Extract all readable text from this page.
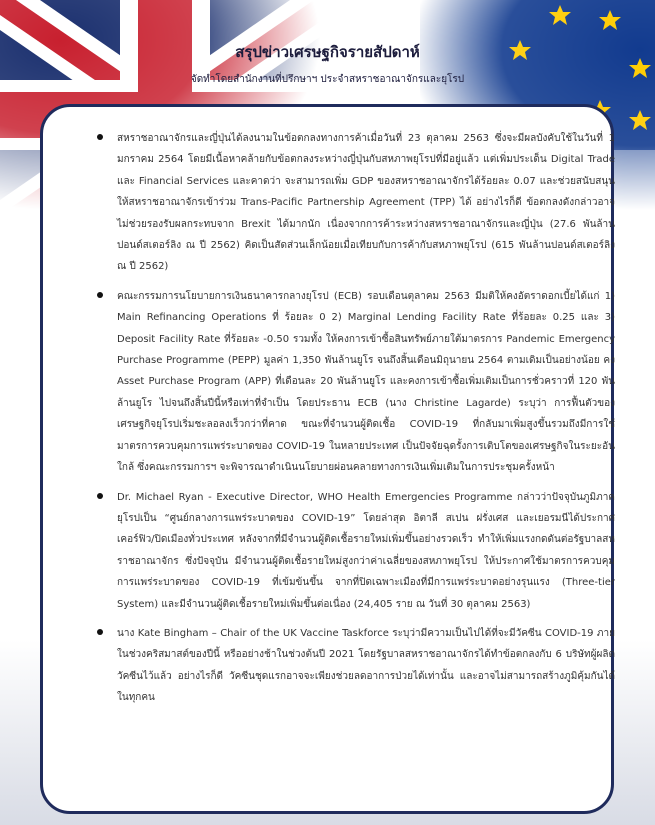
สรุปข่าวเศรษฐกิจรายสัปดาห์
จัดทำโดยสำนักงานที่ปรึกษาฯ ประจำสหราชอาณาจักรและยุโรป

สหราชอาณาจักรและญี่ปุ่นได้ลงนามในข้อตกลงทางการค้าเมื่อวันที่ 23 ตุลาคม 2563 ซึ่งจะมีผลบังคับใช้ในวันที่ 1 มกราคม 2564 โดยมีเนื้อหาคล้ายกับข้อตกลงระหว่างญี่ปุ่นกับสหภาพยุโรปที่มีอยู่แล้ว แต่เพิ่มประเด็น Digital Trade และ Financial Services และคาดว่า จะสามารถเพิ่ม GDP ของสหราชอาณาจักรได้ร้อยละ 0.07 และช่วยสนับสนุนให้สหราชอาณาจักรเข้าร่วม Trans-Pacific Partnership Agreement (TPP) ได้ อย่างไรก็ดี ข้อตกลงดังกล่าวอาจไม่ช่วยรองรับผลกระทบจาก Brexit ได้มากนัก เนื่องจากการค้าระหว่างสหราชอาณาจักรและญี่ปุ่น (27.6 พันล้านปอนด์สเตอร์ลิง ณ ปี 2562) คิดเป็นสัดส่วนเล็กน้อยเมื่อเทียบกับการค้ากับสหภาพยุโรป (615 พันล้านปอนด์สเตอร์ลิง ณ ปี 2562)

คณะกรรมการนโยบายการเงินธนาคารกลางยุโรป (ECB) รอบเดือนตุลาคม 2563 มีมติให้คงอัตราดอกเบี้ยได้แก่ 1) Main Refinancing Operations ที่ ร้อยละ 0 2) Marginal Lending Facility Rate ที่ร้อยละ 0.25 และ 3) Deposit Facility Rate ที่ร้อยละ -0.50 รวมทั้ง ให้คงการเข้าซื้อสินทรัพย์ภายใต้มาตรการ Pandemic Emergency Purchase Programme (PEPP) มูลค่า 1,350 พันล้านยูโร จนถึงสิ้นเดือนมิถุนายน 2564 ตามเดิมเป็นอย่างน้อย คง Asset Purchase Program (APP) ที่เดือนละ 20 พันล้านยูโร และคงการเข้าซื้อเพิ่มเติมเป็นการชั่วคราวที่ 120 พันล้านยูโร ไปจนถึงสิ้นปีนี้หรือเท่าที่จำเป็น โดยประธาน ECB (นาง Christine Lagarde) ระบุว่า การฟื้นตัวของเศรษฐกิจยุโรปเริ่มชะลอลงเร็วกว่าที่คาด ขณะที่จำนวนผู้ติดเชื้อ COVID-19 ที่กลับมาเพิ่มสูงขึ้นรวมถึงมีการใช้มาตรการควบคุมการแพร่ระบาดของ COVID-19 ในหลายประเทศ เป็นปัจจัยฉุดรั้งการเติบโตของเศรษฐกิจในระยะอันใกล้ ซึ่งคณะกรรมการฯ จะพิจารณาดำเนินนโยบายผ่อนคลายทางการเงินเพิ่มเติมในการประชุมครั้งหน้า

Dr. Michael Ryan - Executive Director, WHO Health Emergencies Programme กล่าวว่าปัจจุบันภูมิภาคยุโรปเป็น “ศูนย์กลางการแพร่ระบาดของ COVID-19” โดยล่าสุด อิตาลี สเปน ฝรั่งเศส และเยอรมนีได้ประกาศเคอร์ฟิว/ปิดเมืองทั่วประเทศ หลังจากที่มีจำนวนผู้ติดเชื้อรายใหม่เพิ่มขึ้นอย่างรวดเร็ว ทำให้เพิ่มแรงกดดันต่อรัฐบาลสหราชอาณาจักร ซึ่งปัจจุบัน มีจำนวนผู้ติดเชื้อรายใหม่สูงกว่าค่าเฉลี่ยของสหภาพยุโรป ให้ประกาศใช้มาตรการควบคุมการแพร่ระบาดของ COVID-19 ที่เข้มข้นขึ้น จากที่ปิดเฉพาะเมืองที่มีการแพร่ระบาดอย่างรุนแรง (Three-tier System) และมีจำนวนผู้ติดเชื้อรายใหม่เพิ่มขึ้นต่อเนื่อง (24,405 ราย ณ วันที่ 30 ตุลาคม 2563)

นาง Kate Bingham – Chair of the UK Vaccine Taskforce ระบุว่ามีความเป็นไปได้ที่จะมีวัคซีน COVID-19 ภายในช่วงคริสมาสต์ของปีนี้ หรืออย่างช้าในช่วงต้นปี 2021 โดยรัฐบาลสหราชอาณาจักรได้ทำข้อตกลงกับ 6 บริษัทผู้ผลิตวัคซีนไว้แล้ว อย่างไรก็ดี วัคซีนชุดแรกอาจจะเพียงช่วยลดอาการป่วยได้เท่านั้น และอาจไม่สามารถสร้างภูมิคุ้มกันได้ในทุกคน
